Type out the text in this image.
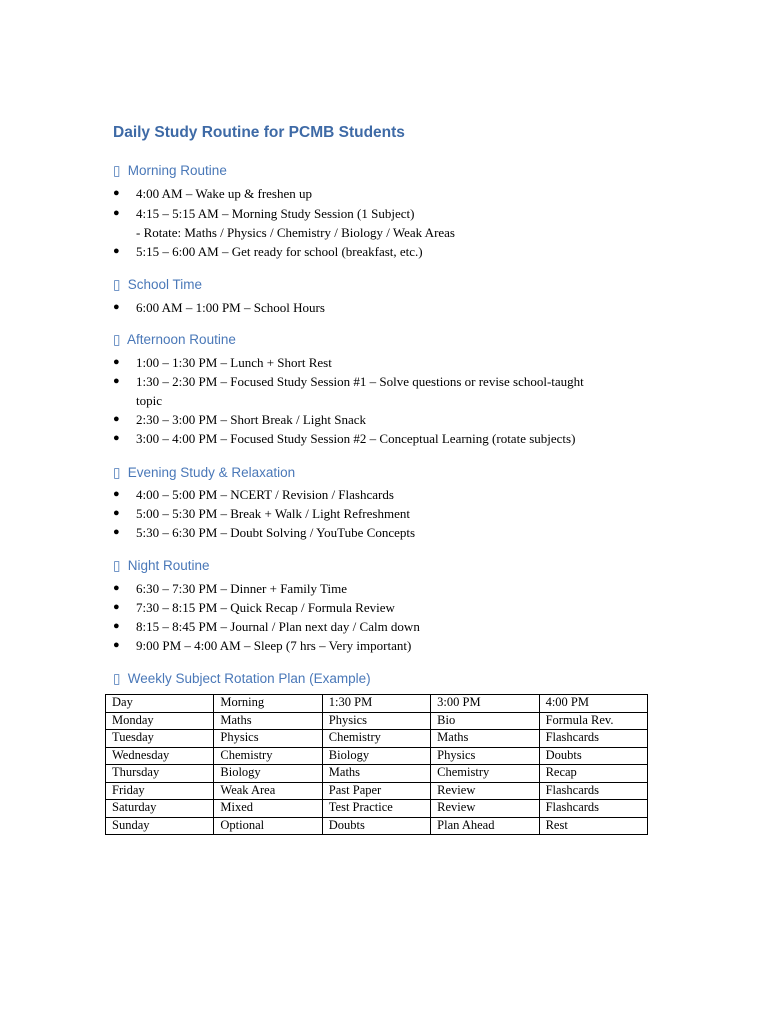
Daily Study Routine for PCMB Students
▯ Morning Routine
● 4:00 AM – Wake up & freshen up
● 4:15 – 5:15 AM – Morning Study Session (1 Subject)
- Rotate: Maths / Physics / Chemistry / Biology / Weak Areas
● 5:15 – 6:00 AM – Get ready for school (breakfast, etc.)
▯ School Time
● 6:00 AM – 1:00 PM – School Hours
▯ Afternoon Routine
● 1:00 – 1:30 PM – Lunch + Short Rest
● 1:30 – 2:30 PM – Focused Study Session #1 – Solve questions or revise school-taught
topic
● 2:30 – 3:00 PM – Short Break / Light Snack
● 3:00 – 4:00 PM – Focused Study Session #2 – Conceptual Learning (rotate subjects)
▯ Evening Study & Relaxation
● 4:00 – 5:00 PM – NCERT / Revision / Flashcards
● 5:00 – 5:30 PM – Break + Walk / Light Refreshment
● 5:30 – 6:30 PM – Doubt Solving / YouTube Concepts
▯ Night Routine
● 6:30 – 7:30 PM – Dinner + Family Time
● 7:30 – 8:15 PM – Quick Recap / Formula Review
● 8:15 – 8:45 PM – Journal / Plan next day / Calm down
● 9:00 PM – 4:00 AM – Sleep (7 hrs – Very important)
▯ Weekly Subject Rotation Plan (Example)
Day	Morning	1:30 PM	3:00 PM	4:00 PM
Monday	Maths	Physics	Bio	Formula Rev.
Tuesday	Physics	Chemistry	Maths	Flashcards
Wednesday	Chemistry	Biology	Physics	Doubts
Thursday	Biology	Maths	Chemistry	Recap
Friday	Weak Area	Past Paper	Review	Flashcards
Saturday	Mixed	Test Practice	Review	Flashcards
Sunday	Optional	Doubts	Plan Ahead	Rest
